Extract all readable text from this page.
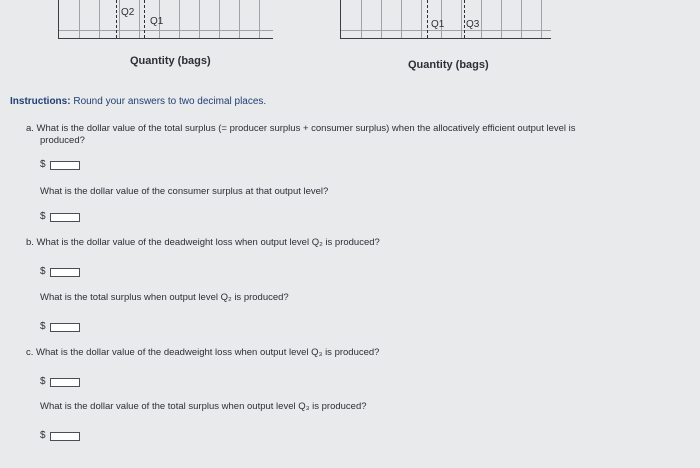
Q2
Q1
Quantity (bags)
Q1 Q3
Quantity (bags)
Instructions: Round your answers to two decimal places.
a. What is the dollar value of the total surplus (= producer surplus + consumer surplus) when the allocatively efficient output level is
produced?
$
What is the dollar value of the consumer surplus at that output level?
$
b. What is the dollar value of the deadweight loss when output level Q₂ is produced?
$
What is the total surplus when output level Q₂ is produced?
$
c. What is the dollar value of the deadweight loss when output level Q₃ is produced?
$
What is the dollar value of the total surplus when output level Q₃ is produced?
$
